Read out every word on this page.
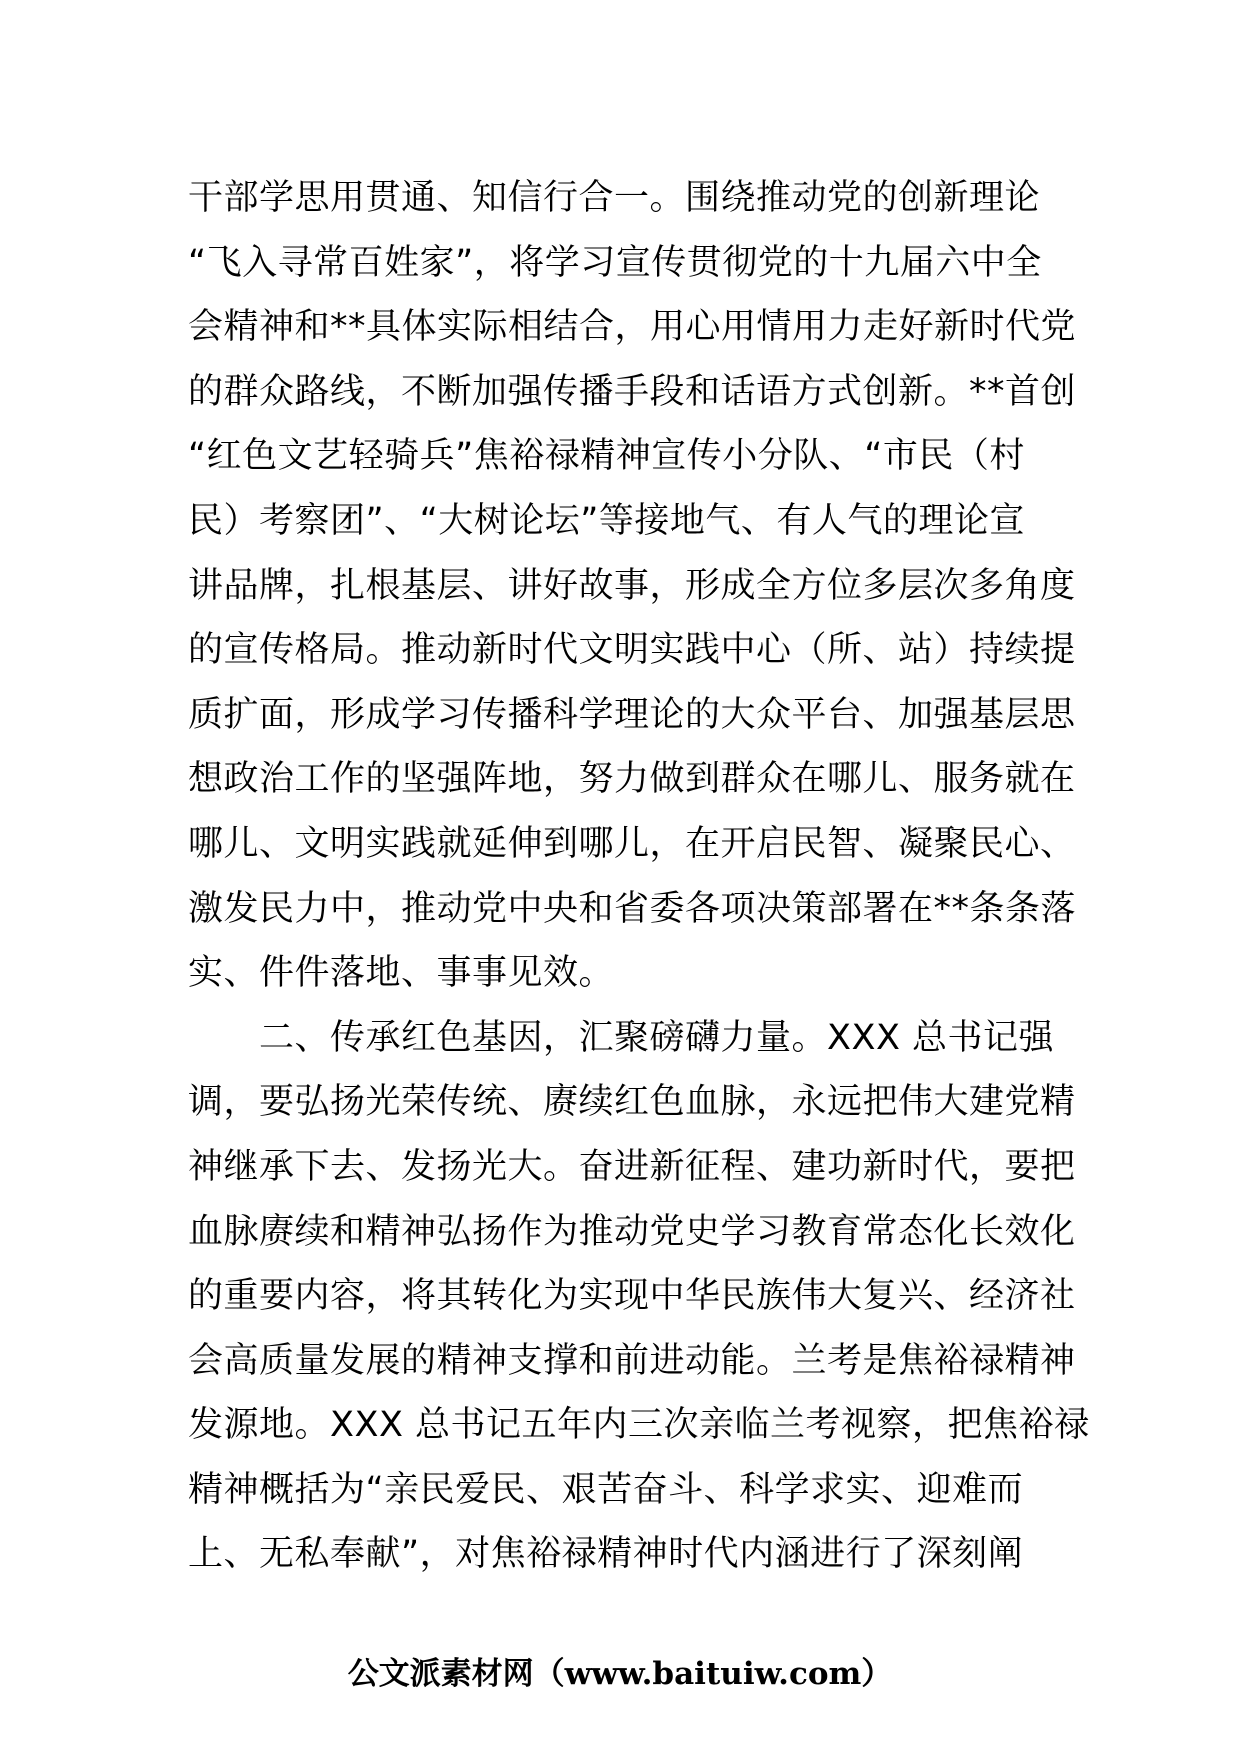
干部学思用贯通、知信行合一。围绕推动党的创新理论
“飞入寻常百姓家”，将学习宣传贯彻党的十九届六中全
会精神和**具体实际相结合，用心用情用力走好新时代党
的群众路线，不断加强传播手段和话语方式创新。**首创
“红色文艺轻骑兵”焦裕禄精神宣传小分队、“市民（村
民）考察团”、“大树论坛”等接地气、有人气的理论宣
讲品牌，扎根基层、讲好故事，形成全方位多层次多角度
的宣传格局。推动新时代文明实践中心（所、站）持续提
质扩面，形成学习传播科学理论的大众平台、加强基层思
想政治工作的坚强阵地，努力做到群众在哪儿、服务就在
哪儿、文明实践就延伸到哪儿，在开启民智、凝聚民心、
激发民力中，推动党中央和省委各项决策部署在**条条落
实、件件落地、事事见效。
　　二、传承红色基因，汇聚磅礴力量。XXX 总书记强
调，要弘扬光荣传统、赓续红色血脉，永远把伟大建党精
神继承下去、发扬光大。奋进新征程、建功新时代，要把
血脉赓续和精神弘扬作为推动党史学习教育常态化长效化
的重要内容，将其转化为实现中华民族伟大复兴、经济社
会高质量发展的精神支撑和前进动能。兰考是焦裕禄精神
发源地。XXX 总书记五年内三次亲临兰考视察，把焦裕禄
精神概括为“亲民爱民、艰苦奋斗、科学求实、迎难而
上、无私奉献”，对焦裕禄精神时代内涵进行了深刻阐
公文派素材网（www.baituiw.com）
